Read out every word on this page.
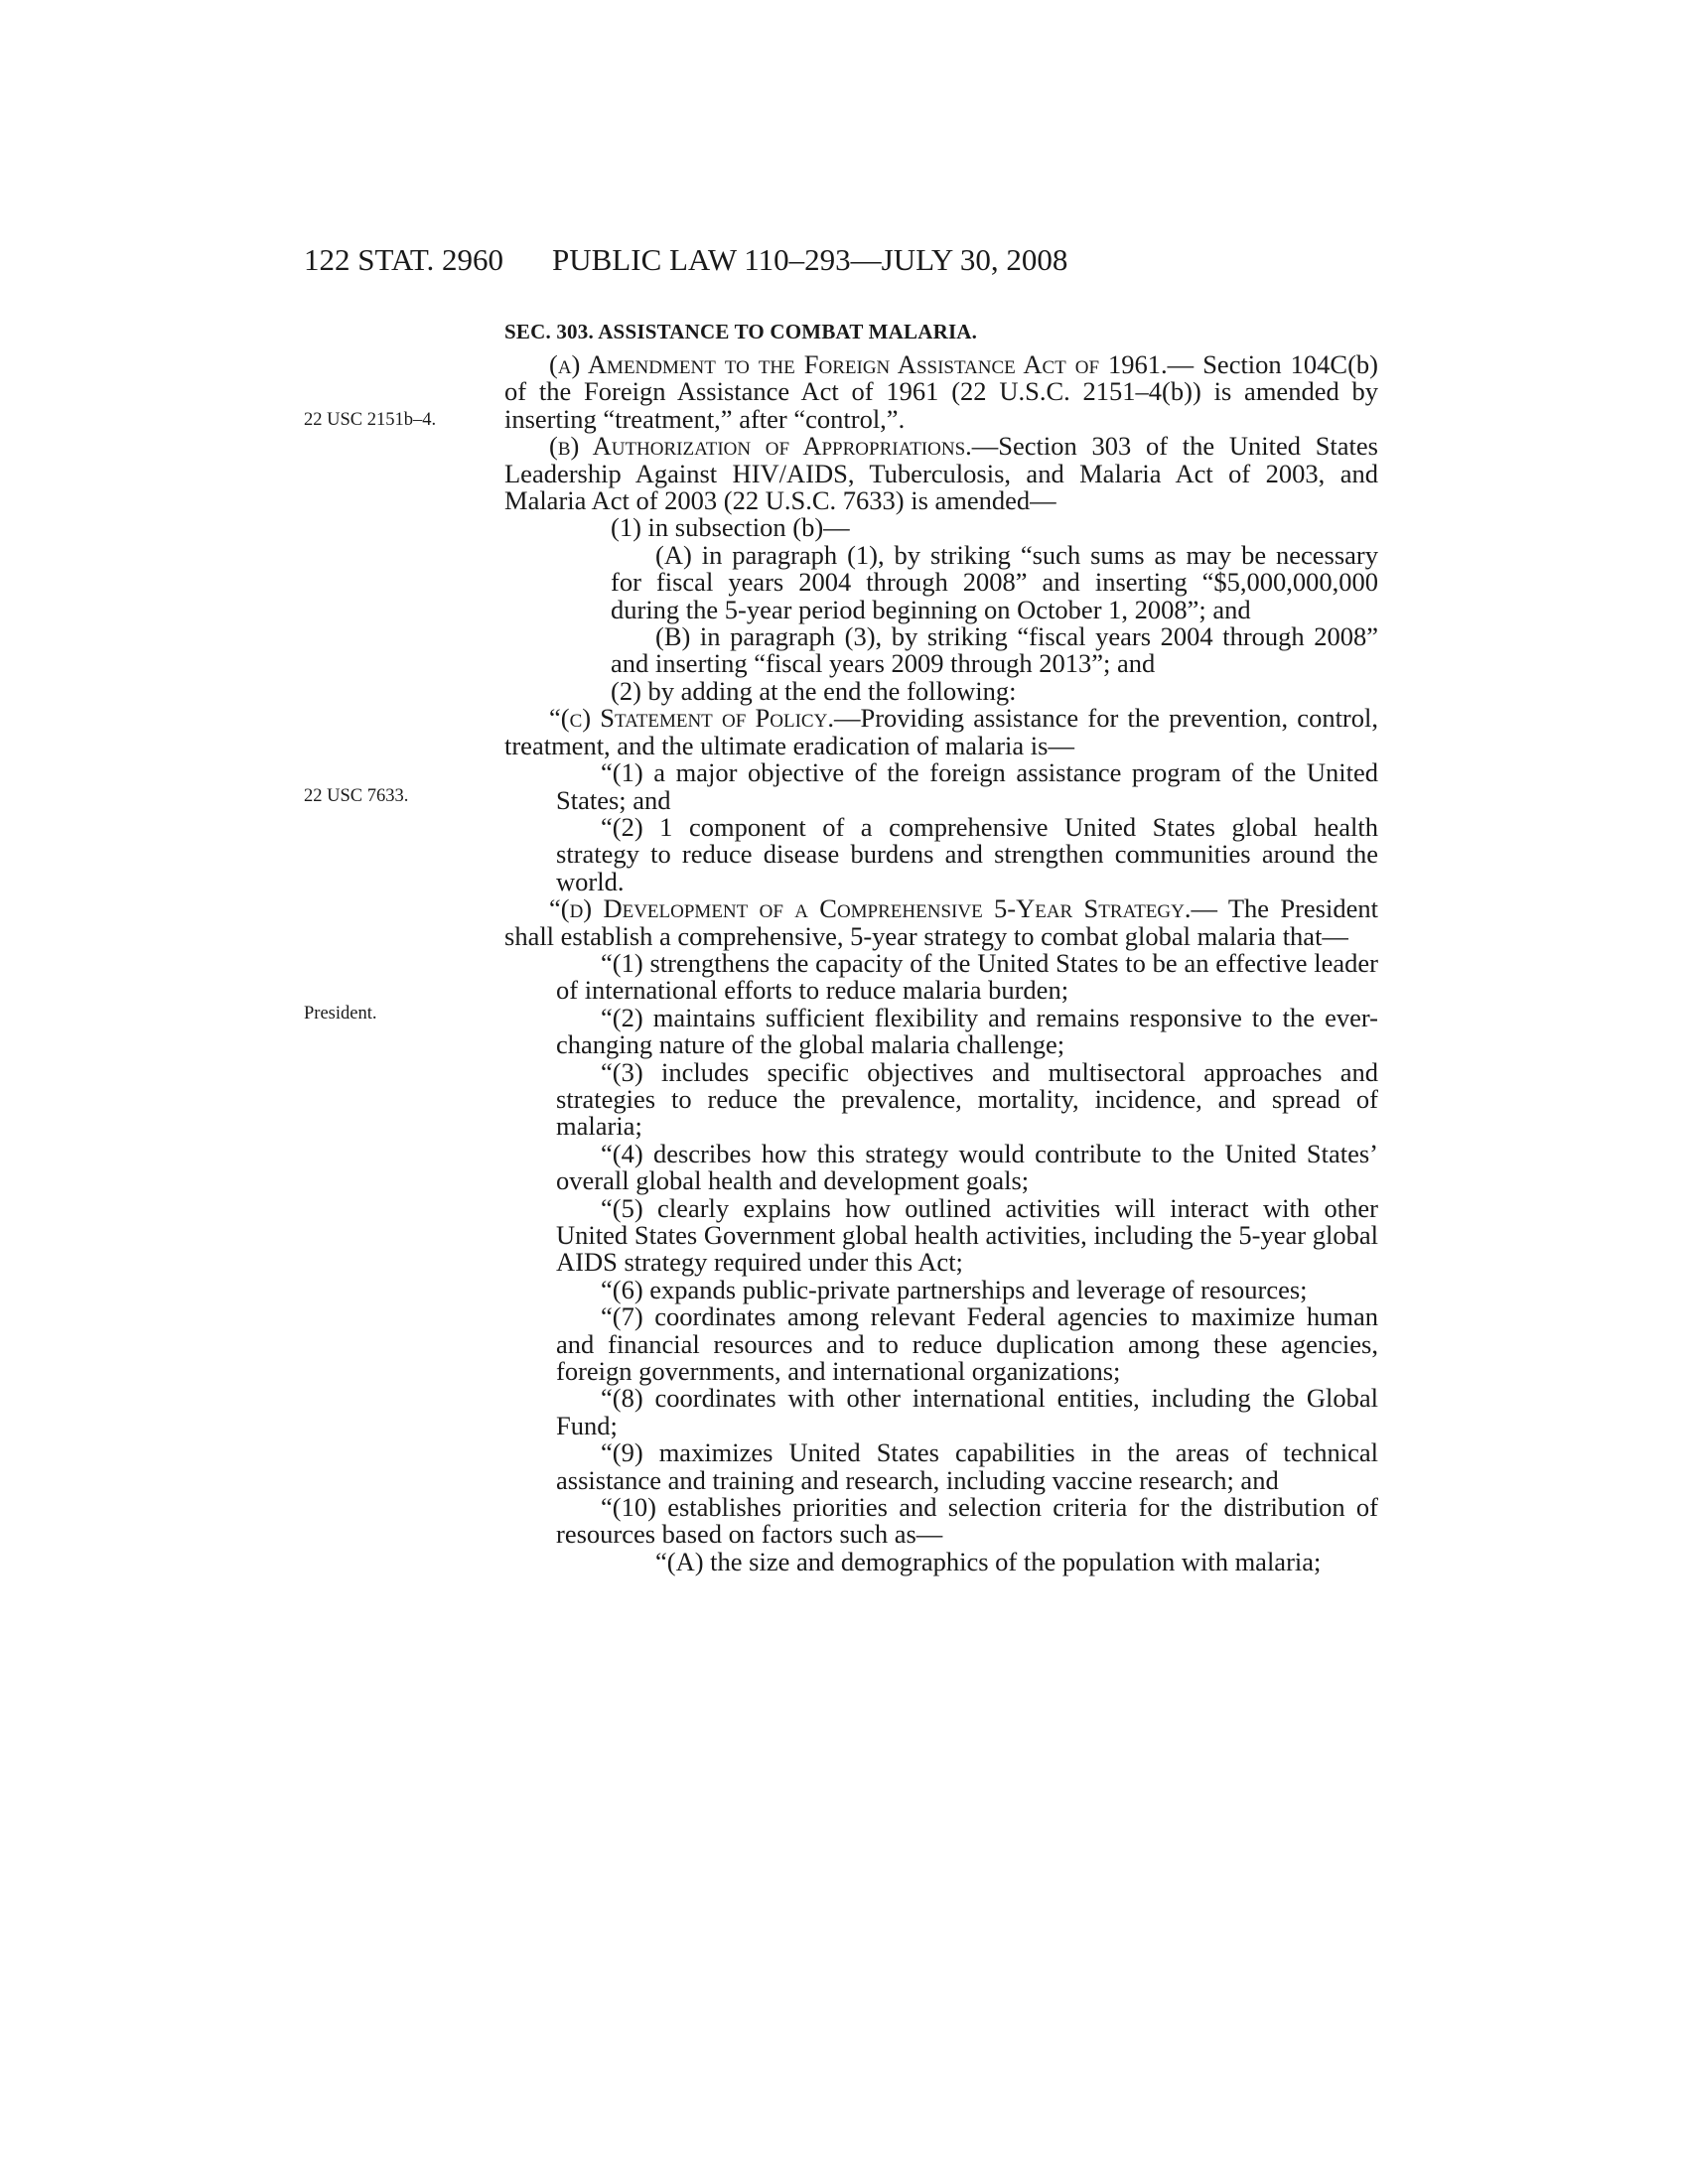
122 STAT. 2960 PUBLIC LAW 110–293—JULY 30, 2008
SEC. 303. ASSISTANCE TO COMBAT MALARIA.
22 USC 2151b–4.
22 USC 7633.
President.

(a) Amendment to the Foreign Assistance Act of 1961.— Section 104C(b) of the Foreign Assistance Act of 1961 (22 U.S.C. 2151–4(b)) is amended by inserting “treatment,” after “control,”.

(b) Authorization of Appropriations.—Section 303 of the United States Leadership Against HIV/AIDS, Tuberculosis, and Malaria Act of 2003, and Malaria Act of 2003 (22 U.S.C. 7633) is amended—

(1) in subsection (b)—

(A) in paragraph (1), by striking “such sums as may be necessary for fiscal years 2004 through 2008” and inserting “$5,000,000,000 during the 5-year period beginning on October 1, 2008”; and

(B) in paragraph (3), by striking “fiscal years 2004 through 2008” and inserting “fiscal years 2009 through 2013”; and

(2) by adding at the end the following:

“(c) Statement of Policy.—Providing assistance for the prevention, control, treatment, and the ultimate eradication of malaria is—

“(1) a major objective of the foreign assistance program of the United States; and

“(2) 1 component of a comprehensive United States global health strategy to reduce disease burdens and strengthen communities around the world.

“(d) Development of a Comprehensive 5-Year Strategy.— The President shall establish a comprehensive, 5-year strategy to combat global malaria that—

“(1) strengthens the capacity of the United States to be an effective leader of international efforts to reduce malaria burden;

“(2) maintains sufficient flexibility and remains responsive to the ever-changing nature of the global malaria challenge;

“(3) includes specific objectives and multisectoral approaches and strategies to reduce the prevalence, mortality, incidence, and spread of malaria;

“(4) describes how this strategy would contribute to the United States’ overall global health and development goals;

“(5) clearly explains how outlined activities will interact with other United States Government global health activities, including the 5-year global AIDS strategy required under this Act;

“(6) expands public-private partnerships and leverage of resources;

“(7) coordinates among relevant Federal agencies to maximize human and financial resources and to reduce duplication among these agencies, foreign governments, and international organizations;

“(8) coordinates with other international entities, including the Global Fund;

“(9) maximizes United States capabilities in the areas of technical assistance and training and research, including vaccine research; and

“(10) establishes priorities and selection criteria for the distribution of resources based on factors such as—

“(A) the size and demographics of the population with malaria;
